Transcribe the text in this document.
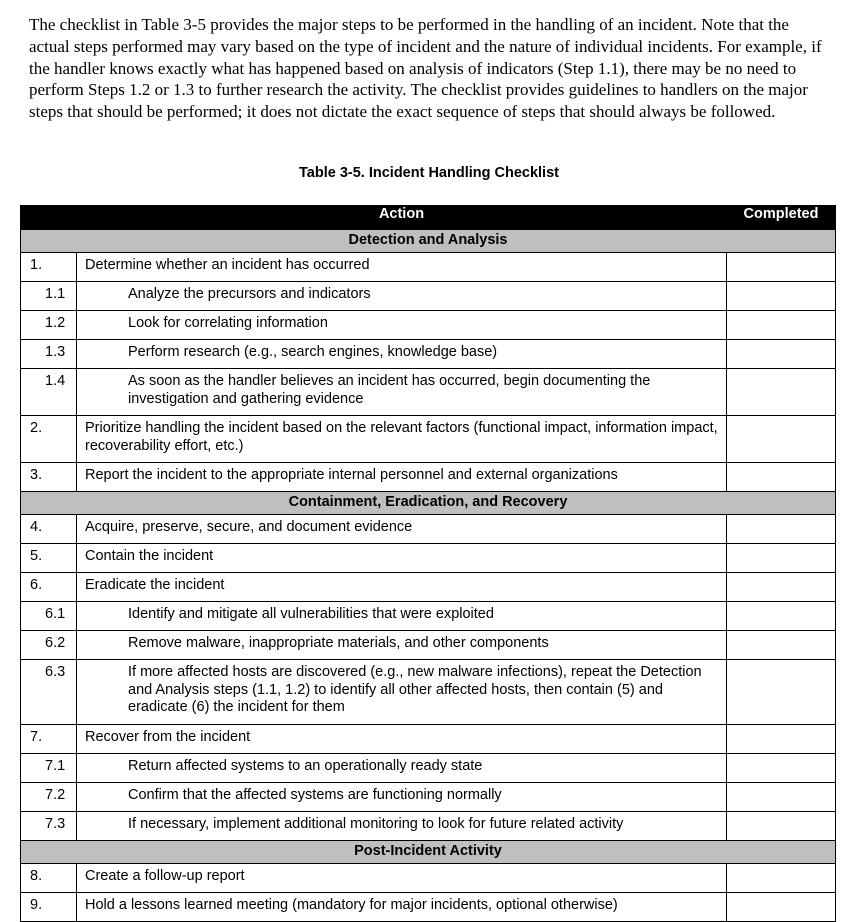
The checklist in Table 3-5 provides the major steps to be performed in the handling of an incident. Note that the actual steps performed may vary based on the type of incident and the nature of individual incidents. For example, if the handler knows exactly what has happened based on analysis of indicators (Step 1.1), there may be no need to perform Steps 1.2 or 1.3 to further research the activity. The checklist provides guidelines to handlers on the major steps that should be performed; it does not dictate the exact sequence of steps that should always be followed.

Table 3-5. Incident Handling Checklist
	Action	Completed
Detection and Analysis		
1.	Determine whether an incident has occurred	
1.1	Analyze the precursors and indicators	
1.2	Look for correlating information	
1.3	Perform research (e.g., search engines, knowledge base)	
1.4	As soon as the handler believes an incident has occurred, begin documenting the investigation and gathering evidence	
2.	Prioritize handling the incident based on the relevant factors (functional impact, information impact, recoverability effort, etc.)	
3.	Report the incident to the appropriate internal personnel and external organizations	
Containment, Eradication, and Recovery		
4.	Acquire, preserve, secure, and document evidence	
5.	Contain the incident	
6.	Eradicate the incident	
6.1	Identify and mitigate all vulnerabilities that were exploited	
6.2	Remove malware, inappropriate materials, and other components	
6.3	If more affected hosts are discovered (e.g., new malware infections), repeat the Detection and Analysis steps (1.1, 1.2) to identify all other affected hosts, then contain (5) and eradicate (6) the incident for them	
7.	Recover from the incident	
7.1	Return affected systems to an operationally ready state	
7.2	Confirm that the affected systems are functioning normally	
7.3	If necessary, implement additional monitoring to look for future related activity	
Post-Incident Activity		
8.	Create a follow-up report	
9.	Hold a lessons learned meeting (mandatory for major incidents, optional otherwise)	
